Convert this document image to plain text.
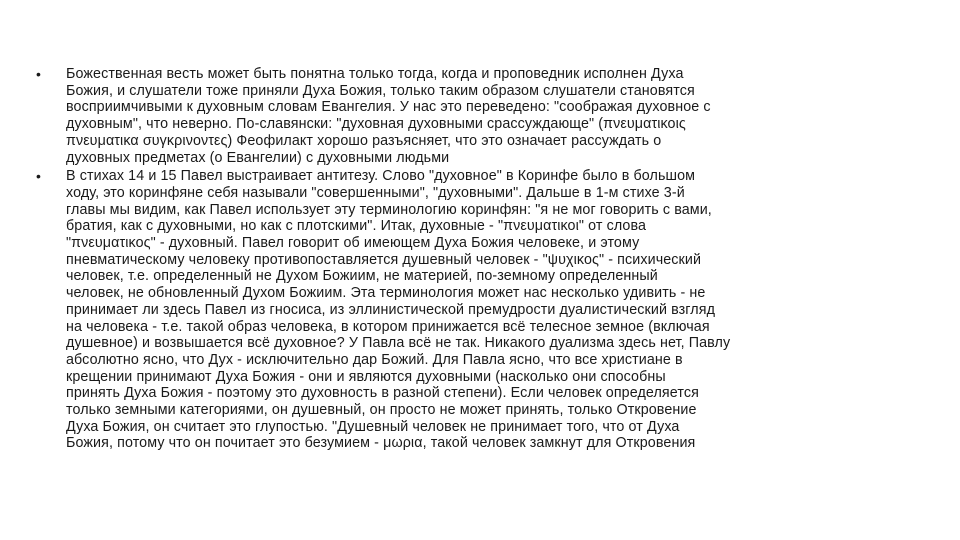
• Божественная весть может быть понятна только тогда, когда и проповедник исполнен Духа
Божия, и слушатели тоже приняли Духа Божия, только таким образом слушатели становятся
восприимчивыми к духовным словам Евангелия. У нас это переведено: "соображая духовное с
духовным", что неверно. По-славянски: "духовная духовными срассуждающе" (πνευματικοις
πνευματικα συγκρινοντες) Феофилакт хорошо разъясняет, что это означает рассуждать о
духовных предметах (о Евангелии) с духовными людьми
• В стихах 14 и 15 Павел выстраивает антитезу. Слово "духовное" в Коринфе было в большом
ходу, это коринфяне себя называли "совершенными", "духовными". Дальше в 1-м стихе 3-й
главы мы видим, как Павел использует эту терминологию коринфян: "я не мог говорить с вами,
братия, как с духовными, но как с плотскими". Итак, духовные - "πνευματικοι" от слова
"πνευματικος" - духовный. Павел говорит об имеющем Духа Божия человеке, и этому
пневматическому человеку противопоставляется душевный человек - "ψυχικος" - психический
человек, т.е. определенный не Духом Божиим, не материей, по-земному определенный
человек, не обновленный Духом Божиим. Эта терминология может нас несколько удивить - не
принимает ли здесь Павел из гносиса, из эллинистической премудрости дуалистический взгляд
на человека - т.е. такой образ человека, в котором принижается всё телесное земное (включая
душевное) и возвышается всё духовное? У Павла всё не так. Никакого дуализма здесь нет, Павлу
абсолютно ясно, что Дух - исключительно дар Божий. Для Павла ясно, что все христиане в
крещении принимают Духа Божия - они и являются духовными (насколько они способны
принять Духа Божия - поэтому это духовность в разной степени). Если человек определяется
только земными категориями, он душевный, он просто не может принять, только Откровение
Духа Божия, он считает это глупостью. "Душевный человек не принимает того, что от Духа
Божия, потому что он почитает это безумием - μωρια, такой человек замкнут для Откровения
